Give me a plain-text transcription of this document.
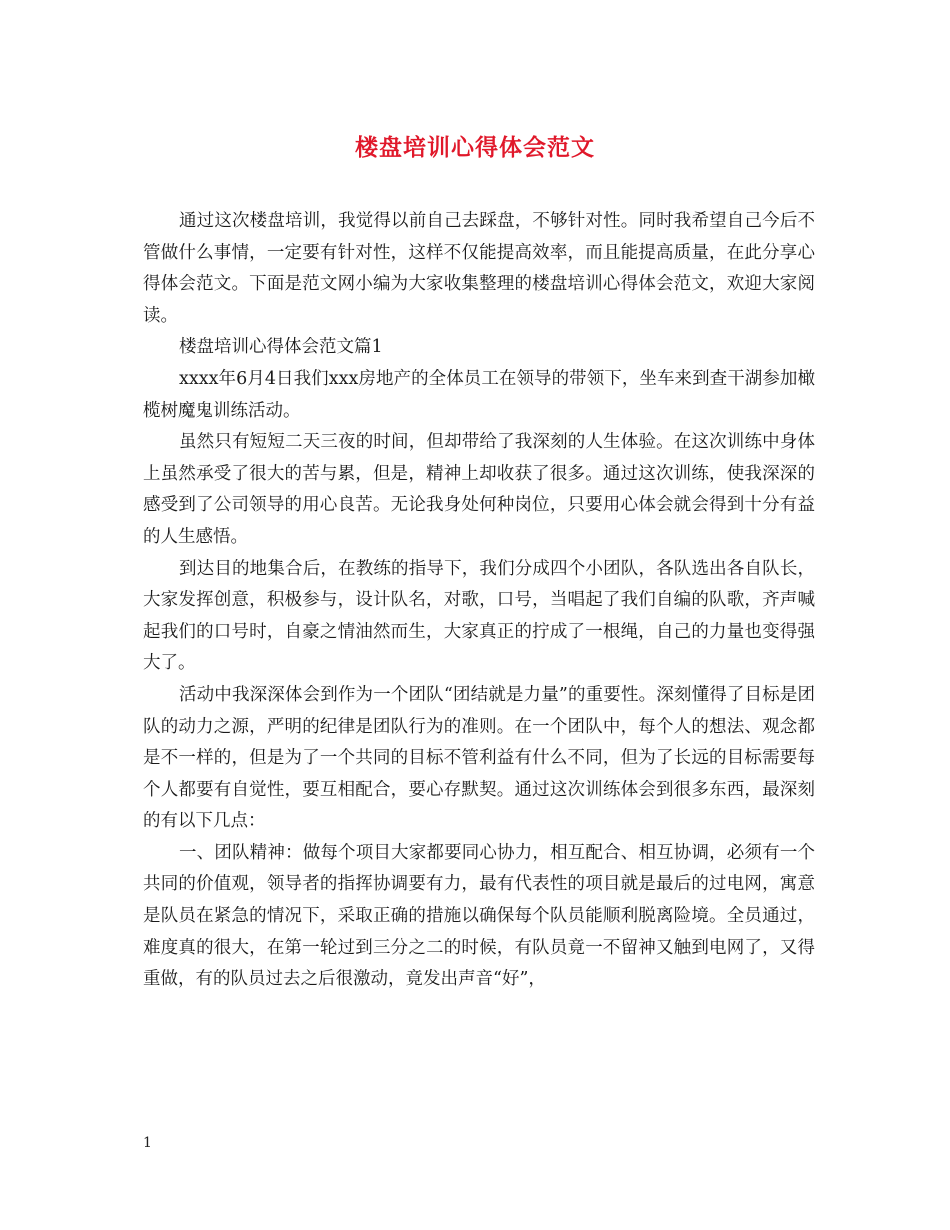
楼盘培训心得体会范文

通过这次楼盘培训，我觉得以前自己去踩盘，不够针对性。同时我希望自己今后不管做什么事情，一定要有针对性，这样不仅能提高效率，而且能提高质量，在此分享心得体会范文。下面是范文网小编为大家收集整理的楼盘培训心得体会范文，欢迎大家阅读。

楼盘培训心得体会范文篇1

xxxx年6月4日我们xxx房地产的全体员工在领导的带领下，坐车来到查干湖参加橄榄树魔鬼训练活动。

虽然只有短短二天三夜的时间，但却带给了我深刻的人生体验。在这次训练中身体上虽然承受了很大的苦与累，但是，精神上却收获了很多。通过这次训练，使我深深的感受到了公司领导的用心良苦。无论我身处何种岗位，只要用心体会就会得到十分有益的人生感悟。

到达目的地集合后，在教练的指导下，我们分成四个小团队，各队选出各自队长，大家发挥创意，积极参与，设计队名，对歌，口号，当唱起了我们自编的队歌，齐声喊起我们的口号时，自豪之情油然而生，大家真正的拧成了一根绳，自己的力量也变得强大了。

活动中我深深体会到作为一个团队“团结就是力量”的重要性。深刻懂得了目标是团队的动力之源，严明的纪律是团队行为的准则。在一个团队中，每个人的想法、观念都是不一样的，但是为了一个共同的目标不管利益有什么不同，但为了长远的目标需要每个人都要有自觉性，要互相配合，要心存默契。通过这次训练体会到很多东西，最深刻的有以下几点：

一、团队精神：做每个项目大家都要同心协力，相互配合、相互协调，必须有一个共同的价值观，领导者的指挥协调要有力，最有代表性的项目就是最后的过电网，寓意是队员在紧急的情况下，采取正确的措施以确保每个队员能顺利脱离险境。全员通过，难度真的很大，在第一轮过到三分之二的时候，有队员竟一不留神又触到电网了，又得重做，有的队员过去之后很激动，竟发出声音“好”，

1
